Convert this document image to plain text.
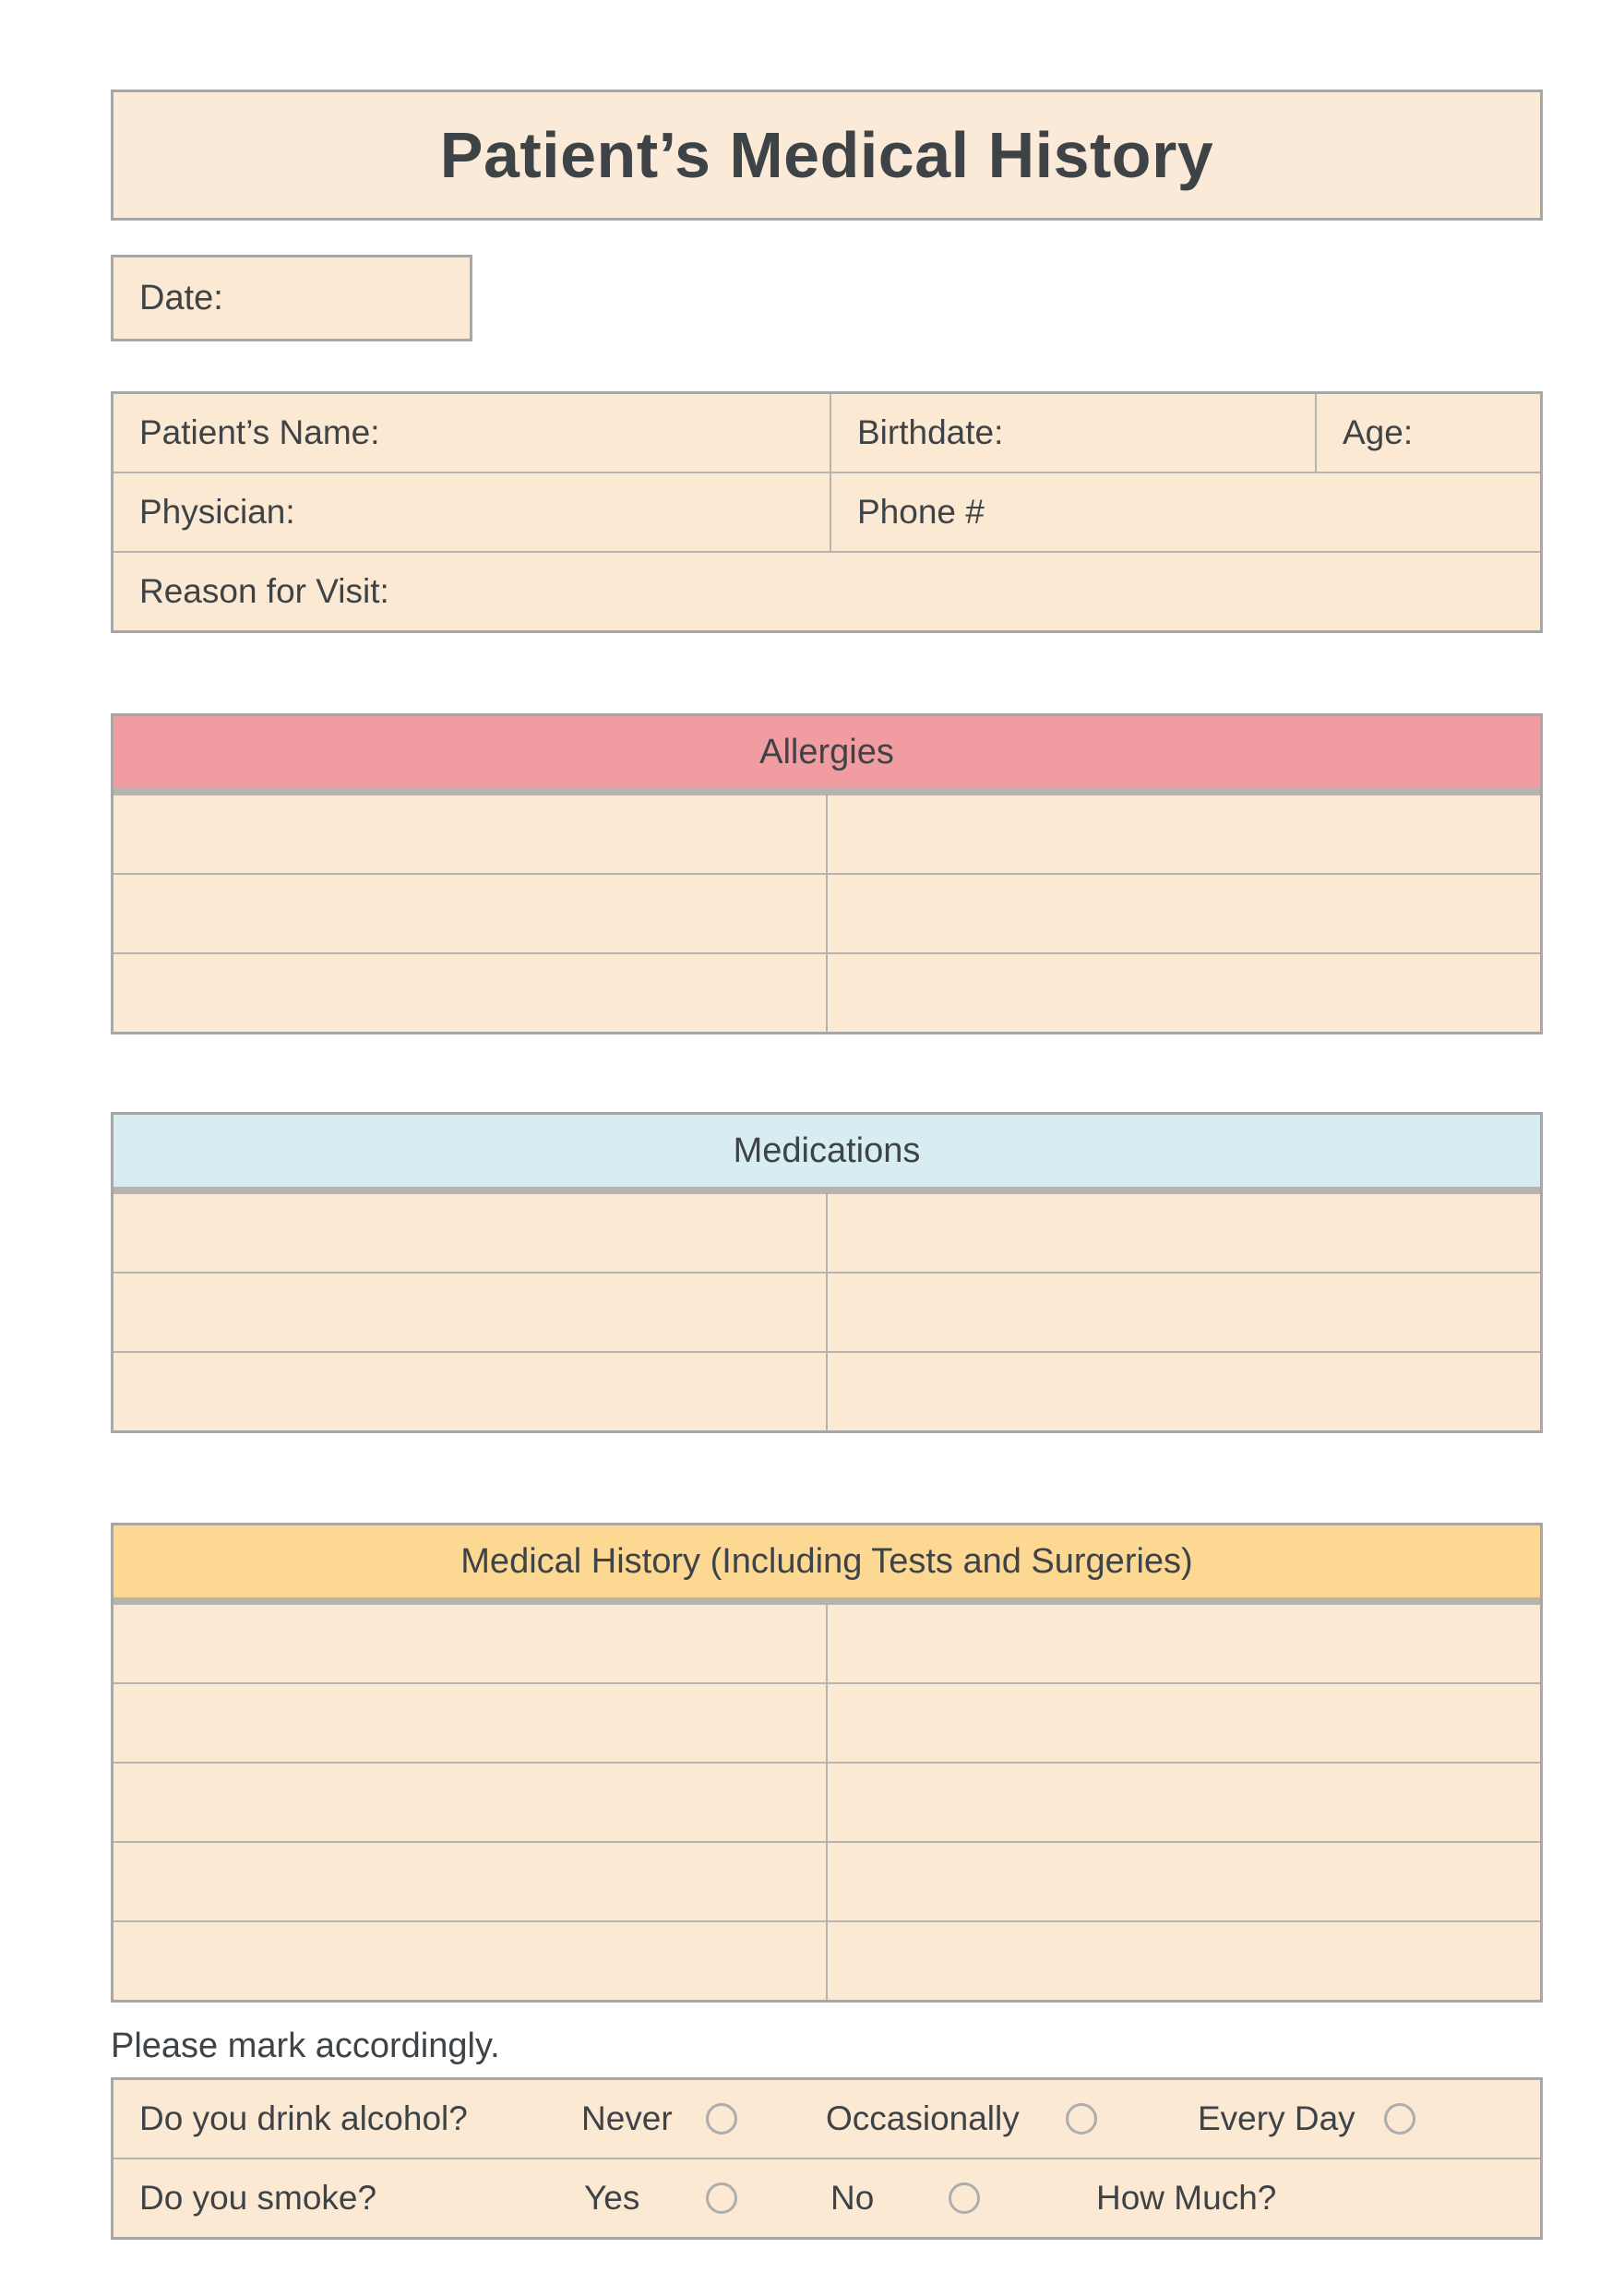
Patient’s Medical History
Date:
Patient’s Name:	Birthdate:	Age:
Physician:	Phone #
Reason for Visit:
Allergies
Medications
Medical History (Including Tests and Surgeries)
Please mark accordingly.
Do you drink alcohol?	Never	Occasionally	Every Day
Do you smoke?	Yes	No	How Much?
